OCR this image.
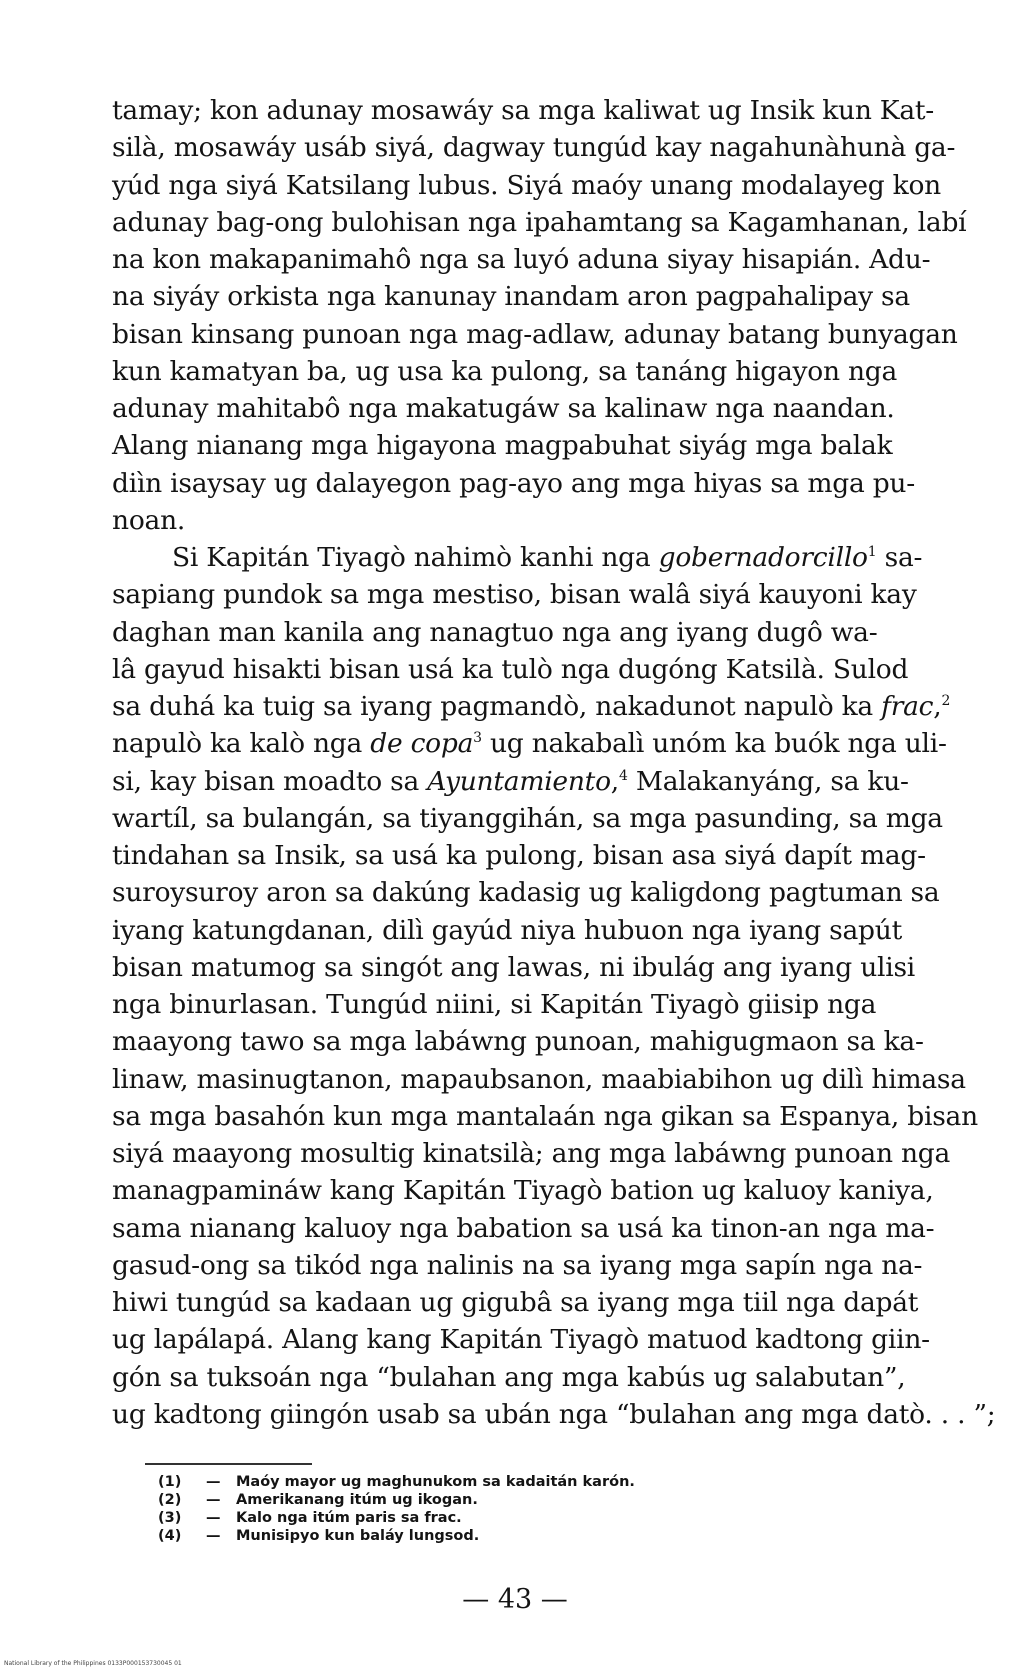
tamay; kon adunay mosawáy sa mga kaliwat ug Insik kun Kat-
silà, mosawáy usáb siyá, dagway tungúd kay nagahunàhunà ga-
yúd nga siyá Katsilang lubus. Siyá maóy unang modalayeg kon
adunay bag-ong bulohisan nga ipahamtang sa Kagamhanan, labí
na kon makapanimahô nga sa luyó aduna siyay hisapián. Adu-
na siyáy orkista nga kanunay inandam aron pagpahalipay sa
bisan kinsang punoan nga mag-adlaw, adunay batang bunyagan
kun kamatyan ba, ug usa ka pulong, sa tanáng higayon nga
adunay mahitabô nga makatugáw sa kalinaw nga naandan.
Alang nianang mga higayona magpabuhat siyág mga balak
diìn isaysay ug dalayegon pag-ayo ang mga hiyas sa mga pu-
noan.
Si Kapitán Tiyagò nahimò kanhi nga gobernadorcillo$^1$ sa-
sapiang pundok sa mga mestiso, bisan walâ siyá kauyoni kay
daghan man kanila ang nanagtuo nga ang iyang dugô wa-
lâ gayud hisakti bisan usá ka tulò nga dugóng Katsilà. Sulod
sa duhá ka tuig sa iyang pagmandò, nakadunot napulò ka frac,$^2$
napulò ka kalò nga de copa$^3$ ug nakabalì unóm ka buók nga uli-
si, kay bisan moadto sa Ayuntamiento,$^4$ Malakanyáng, sa ku-
wartíl, sa bulangán, sa tiyanggihán, sa mga pasunding, sa mga
tindahan sa Insik, sa usá ka pulong, bisan asa siyá dapít mag-
suroysuroy aron sa dakúng kadasig ug kaligdong pagtuman sa
iyang katungdanan, dilì gayúd niya hubuon nga iyang sapút
bisan matumog sa singót ang lawas, ni ibulág ang iyang ulisi
nga binurlasan. Tungúd niini, si Kapitán Tiyagò giisip nga
maayong tawo sa mga labáwng punoan, mahigugmaon sa ka-
linaw, masinugtanon, mapaubsanon, maabiabihon ug dilì himasa
sa mga basahón kun mga mantalaán nga gikan sa Espanya, bisan
siyá maayong mosultig kinatsilà; ang mga labáwng punoan nga
managpamináw kang Kapitán Tiyagò bation ug kaluoy kaniya,
sama nianang kaluoy nga babation sa usá ka tinon-an nga ma-
gasud-ong sa tikód nga nalinis na sa iyang mga sapín nga na-
hiwi tungúd sa kadaan ug gigubâ sa iyang mga tiil nga dapát
ug lapálapá. Alang kang Kapitán Tiyagò matuod kadtong giin-
gón sa tuksoán nga “bulahan ang mga kabús ug salabutan”,
ug kadtong giingón usab sa ubán nga “bulahan ang mga datò. . . ”;
(1) — Maóy mayor ug maghunukom sa kadaitán karón.
(2) — Amerikanang itúm ug ikogan.
(3) — Kalo nga itúm paris sa frac.
(4) — Munisipyo kun baláy lungsod.
— 43 —
National Library of the Philippines 0133P000153730045 01
